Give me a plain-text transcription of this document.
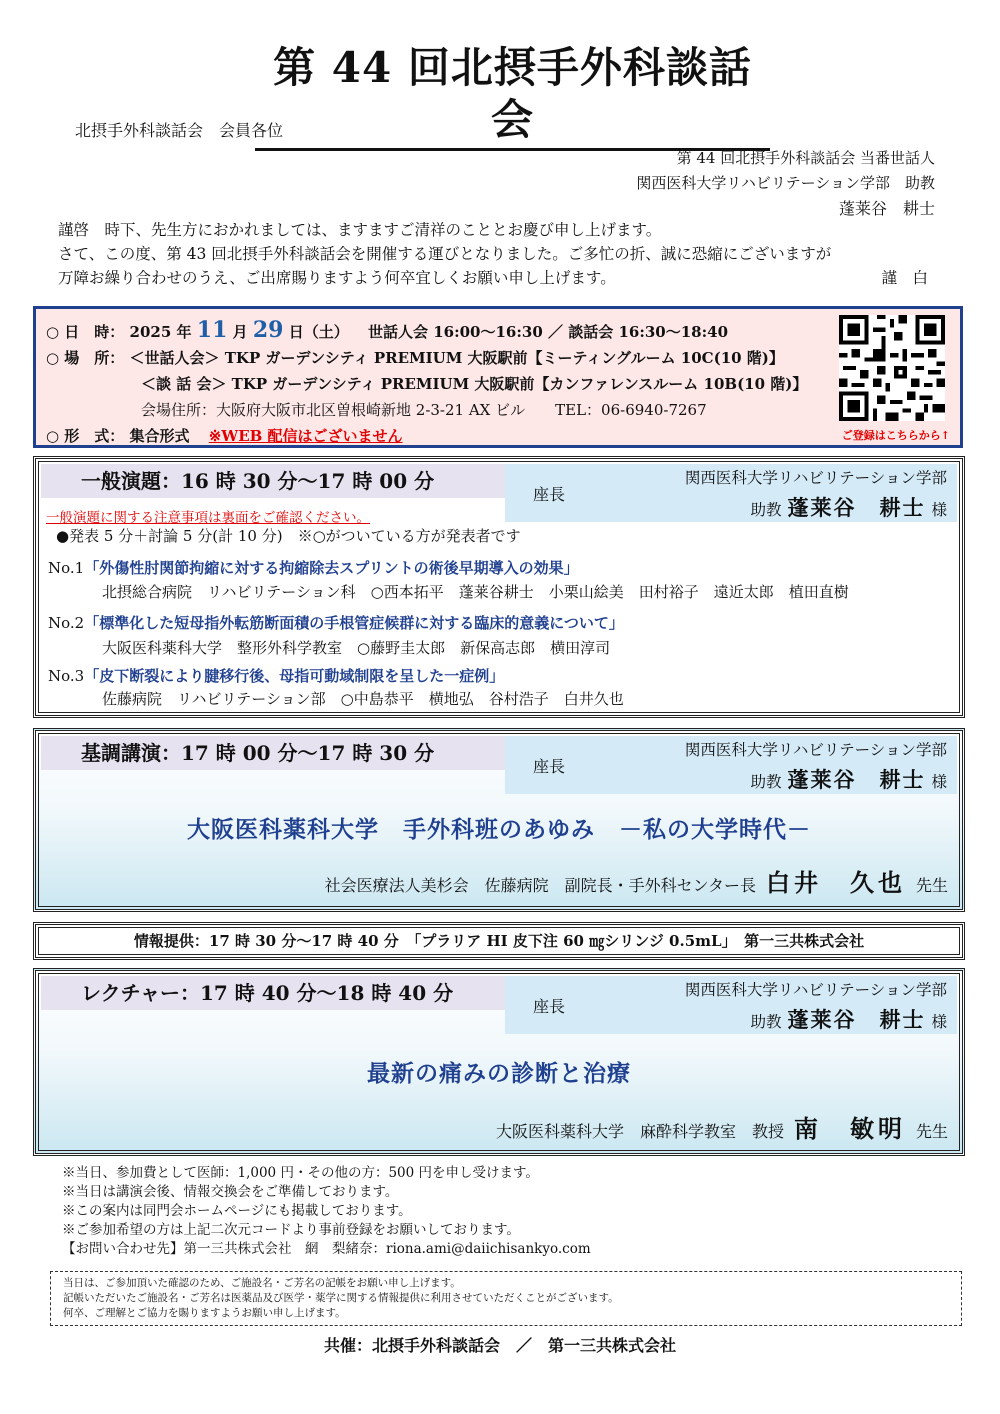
第 44 回北摂手外科談話会
北摂手外科談話会　会員各位
第 44 回北摂手外科談話会 当番世話人
関西医科大学リハビリテーション学部　助教
蓬莱谷　耕士
謹啓　時下、先生方におかれましては、ますますご清祥のこととお慶び申し上げます。
さて、この度、第 43 回北摂手外科談話会を開催する運びとなりました。ご多忙の折、誠に恐縮にございますが
万障お繰り合わせのうえ、ご出席賜りますよう何卒宜しくお願い申し上げます。	謹　白
○ 日　時： 2025 年 11 月 29 日（土） 世話人会 16:00～16:30 ／ 談話会 16:30～18:40
○ 場　所： ＜世話人会＞ TKP ガーデンシティ PREMIUM 大阪駅前【ミーティングルーム 10C(10 階)】
＜談 話 会＞ TKP ガーデンシティ PREMIUM 大阪駅前【カンファレンスルーム 10B(10 階)】
会場住所：大阪府大阪市北区曽根崎新地 2-3-21 AX ビル　　TEL：06-6940-7267
○ 形　式： 集合形式 ※WEB 配信はございません	ご登録はこちらから↑
一般演題：16 時 30 分～17 時 00 分
座長
関西医科大学リハビリテーション学部
助教 蓬莱谷　耕士 様
一般演題に関する注意事項は裏面をご確認ください。
●発表 5 分＋討論 5 分(計 10 分)　※○がついている方が発表者です
No.1「外傷性肘関節拘縮に対する拘縮除去スプリントの術後早期導入の効果」
北摂総合病院　リハビリテーション科　○西本拓平　蓬莱谷耕士　小栗山絵美　田村裕子　遠近太郎　植田直樹
No.2「標準化した短母指外転筋断面積の手根管症候群に対する臨床的意義について」
大阪医科薬科大学　整形外科学教室　○藤野圭太郎　新保高志郎　横田淳司
No.3「皮下断裂により腱移行後、母指可動域制限を呈した一症例」
佐藤病院　リハビリテーション部　○中島恭平　横地弘　谷村浩子　白井久也
基調講演：17 時 00 分～17 時 30 分
座長
関西医科大学リハビリテーション学部
助教 蓬莱谷　耕士 様
大阪医科薬科大学　手外科班のあゆみ　－私の大学時代－
社会医療法人美杉会　佐藤病院　副院長・手外科センター長 白井　久也 先生
情報提供：17 時 30 分～17 時 40 分　「プラリア HI 皮下注 60 ㎎シリンジ 0.5mL」　第一三共株式会社
レクチャー：17 時 40 分～18 時 40 分
座長
関西医科大学リハビリテーション学部
助教 蓬莱谷　耕士 様
最新の痛みの診断と治療
大阪医科薬科大学　麻酔科学教室　教授 南　敏明 先生
※当日、参加費として医師：1,000 円・その他の方：500 円を申し受けます。
※当日は講演会後、情報交換会をご準備しております。
※この案内は同門会ホームページにも掲載しております。
※ご参加希望の方は上記二次元コードより事前登録をお願いしております。
【お問い合わせ先】第一三共株式会社　網　梨緒奈：riona.ami@daiichisankyo.com
当日は、ご参加頂いた確認のため、ご施設名・ご芳名の記帳をお願い申し上げます。
記帳いただいたご施設名・ご芳名は医薬品及び医学・薬学に関する情報提供に利用させていただくことがございます。
何卒、ご理解とご協力を賜りますようお願い申し上げます。
共催：北摂手外科談話会　／　第一三共株式会社
